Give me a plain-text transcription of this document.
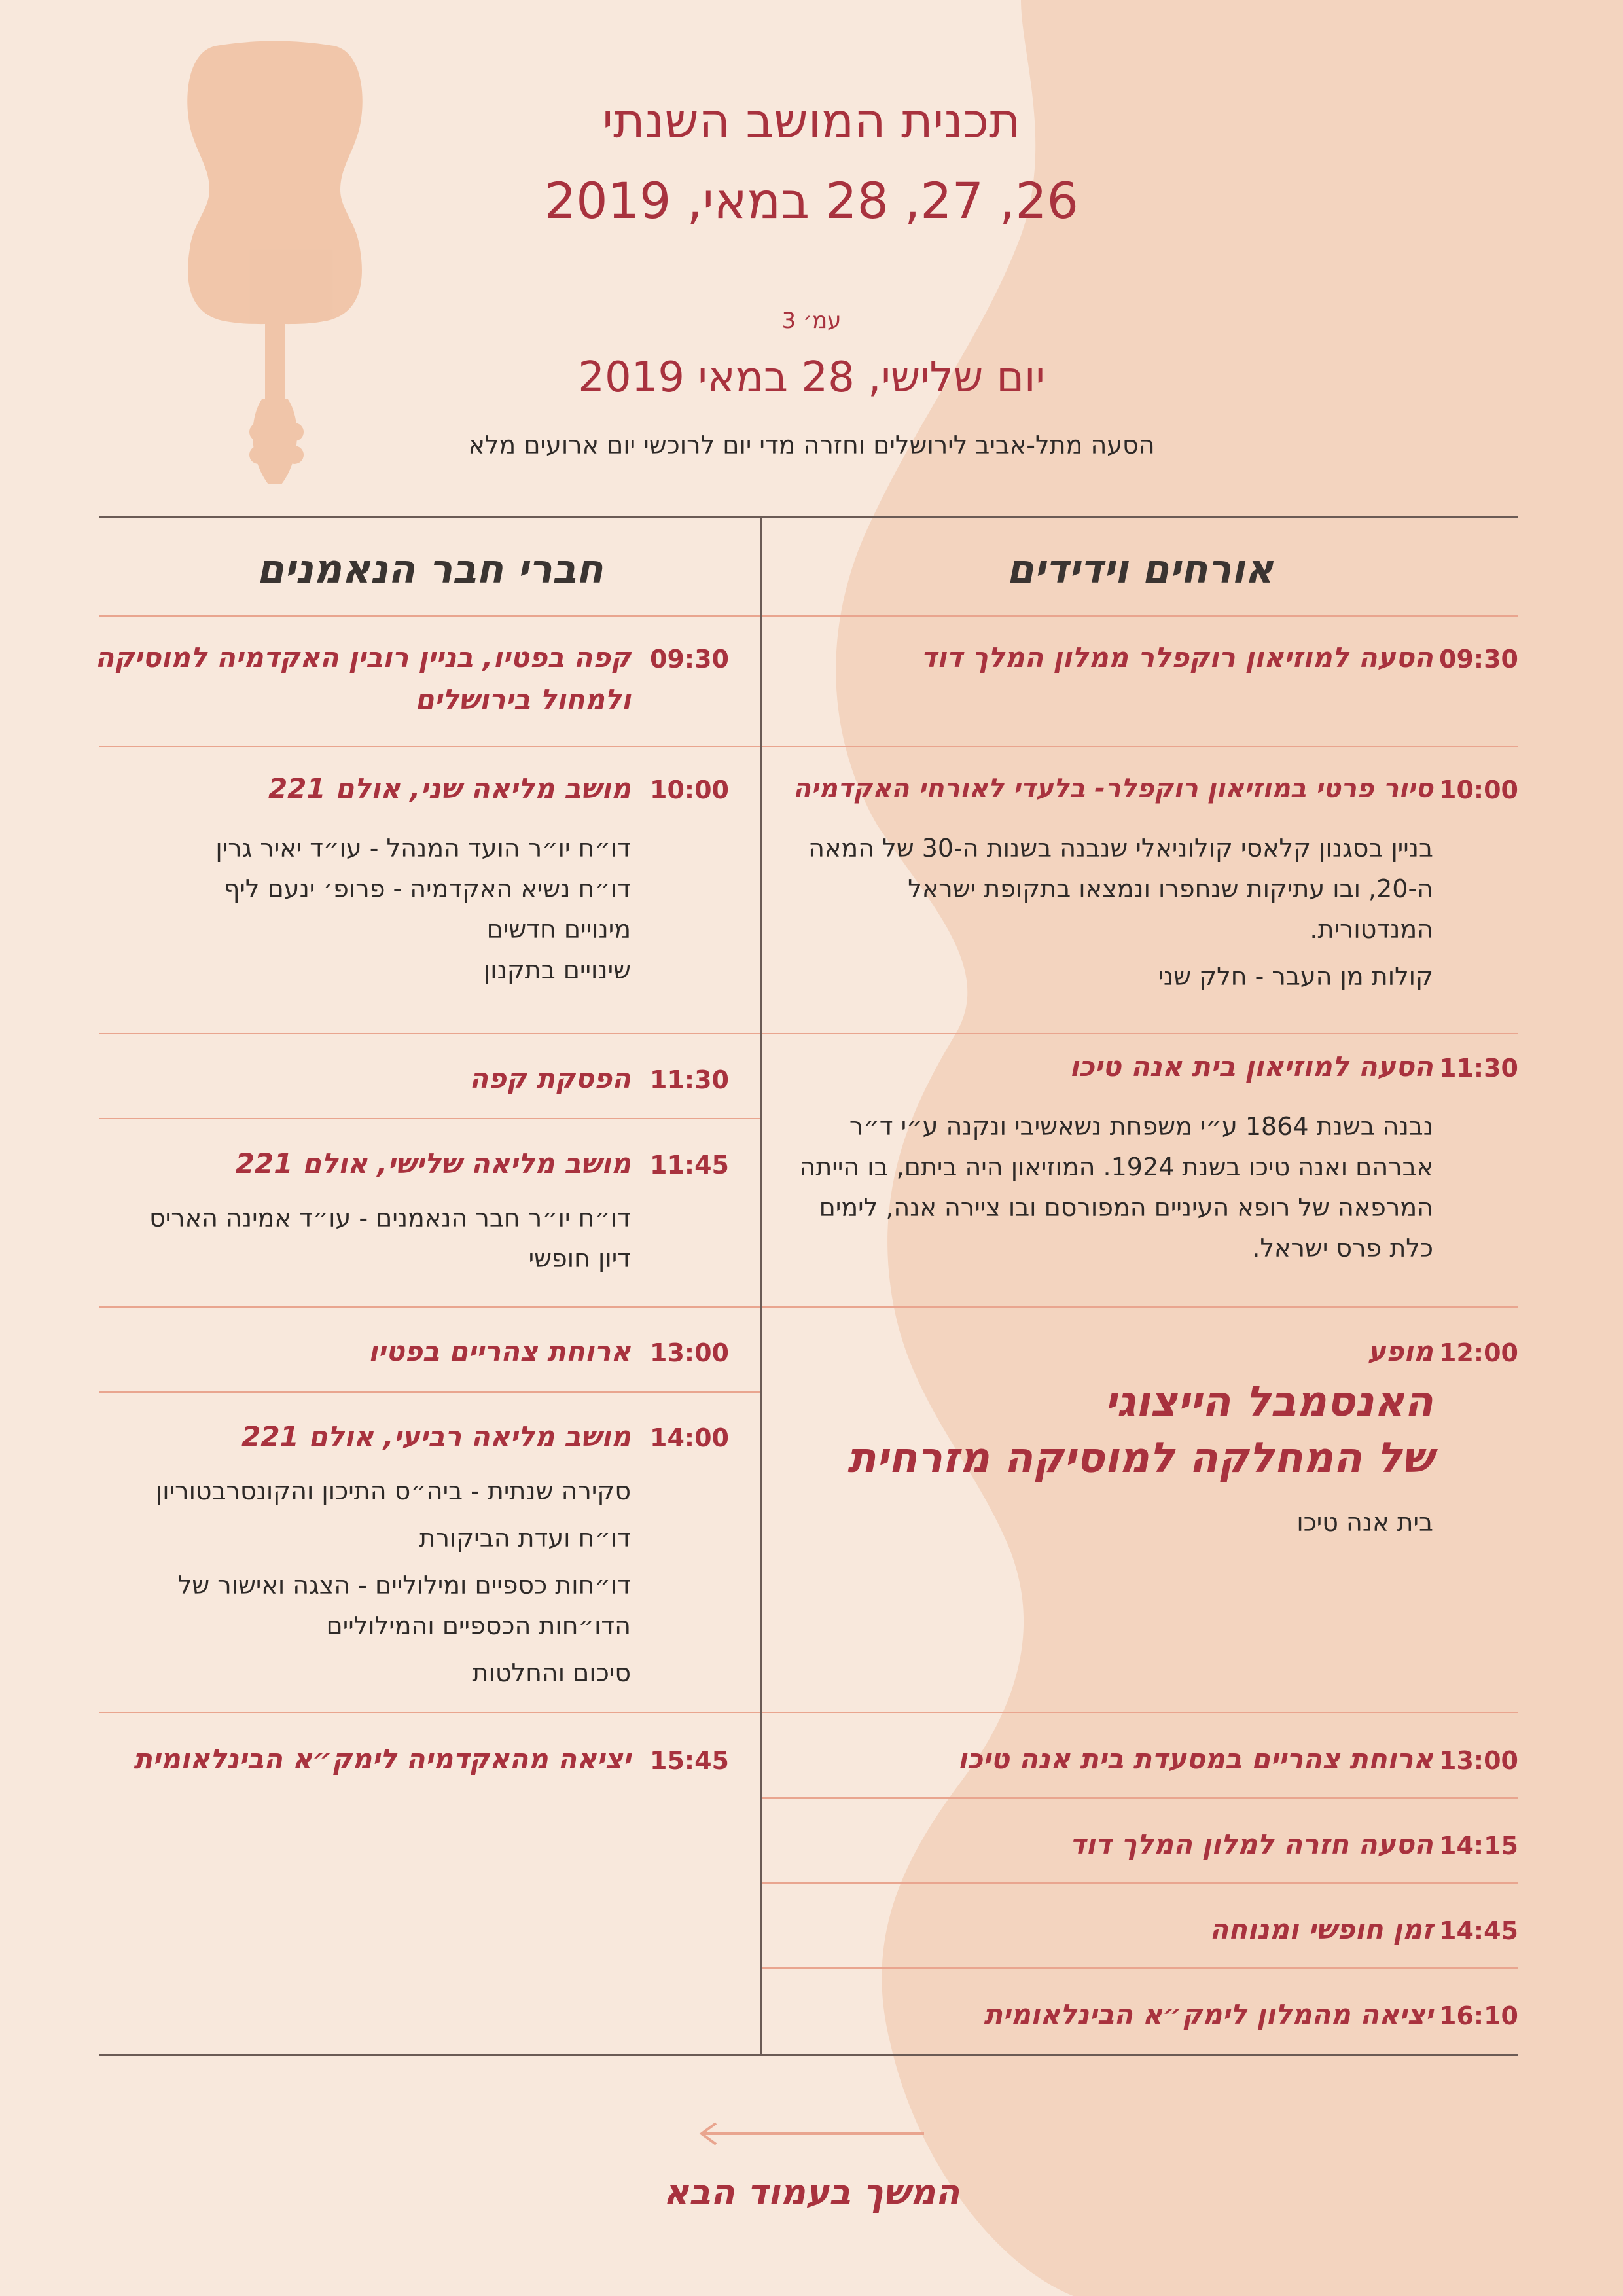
תכנית המושב השנתי
26, 27, 28 במאי, 2019
עמ׳ 3
יום שלישי, 28 במאי 2019
הסעה מתל-אביב לירושלים וחזרה מדי יום לרוכשי יום ארועים מלא
אורחים וידידים
חברי חבר הנאמנים
09:30
הסעה למוזיאון רוקפלר ממלון המלך דוד
10:00
סיור פרטי במוזיאון רוקפלר- בלעדי לאורחי האקדמיה

בניין בסגנון קלאסי קולוניאלי שנבנה בשנות ה-30 של המאה ה-20, ובו עתיקות שנחפרו ונמצאו בתקופת ישראל המנדטורית.

קולות מן העבר - חלק שני

11:30
הסעה למוזיאון בית אנה טיכו

נבנה בשנת 1864 ע״י משפחת נשאשיבי ונקנה ע״י ד״ר אברהם ואנה טיכו בשנת 1924. המוזיאון היה ביתם, בו הייתה המרפאה של רופא העיניים המפורסם ובו ציירה אנה, לימים כלת פרס ישראל.

12:00
מופע
האנסמבל הייצוגי
של המחלקה למוסיקה מזרחית
בית אנה טיכו
13:00
ארוחת צהריים במסעדת בית אנה טיכו
14:15
הסעה חזרה למלון המלך דוד
14:45
זמן חופשי ומנוחה
16:10
יציאה מהמלון לימק״א הבינלאומית
09:30
קפה בפטיו, בניין רובין האקדמיה למוסיקה
ולמחול בירושלים
10:00
מושב מליאה שני, אולם 221

דו״ח יו״ר הועד המנהל - עו״ד יאיר גרין

דו״ח נשיא האקדמיה - פרופ׳ ינעם ליף

מינויים חדשים

שינויים בתקנון

11:30
הפסקת קפה
11:45
מושב מליאה שלישי, אולם 221

דו״ח יו״ר חבר הנאמנים - עו״ד אמינה האריס

דיון חופשי

13:00
ארוחת צהריים בפטיו
14:00
מושב מליאה רביעי, אולם 221

סקירה שנתית - ביה״ס התיכון והקונסרבטוריון

דו״ח ועדת הביקורת

דו״חות כספיים ומילוליים - הצגה ואישור של הדו״חות הכספיים והמילוליים

סיכום והחלטות

15:45
יציאה מהאקדמיה לימק״א הבינלאומית
המשך בעמוד הבא
